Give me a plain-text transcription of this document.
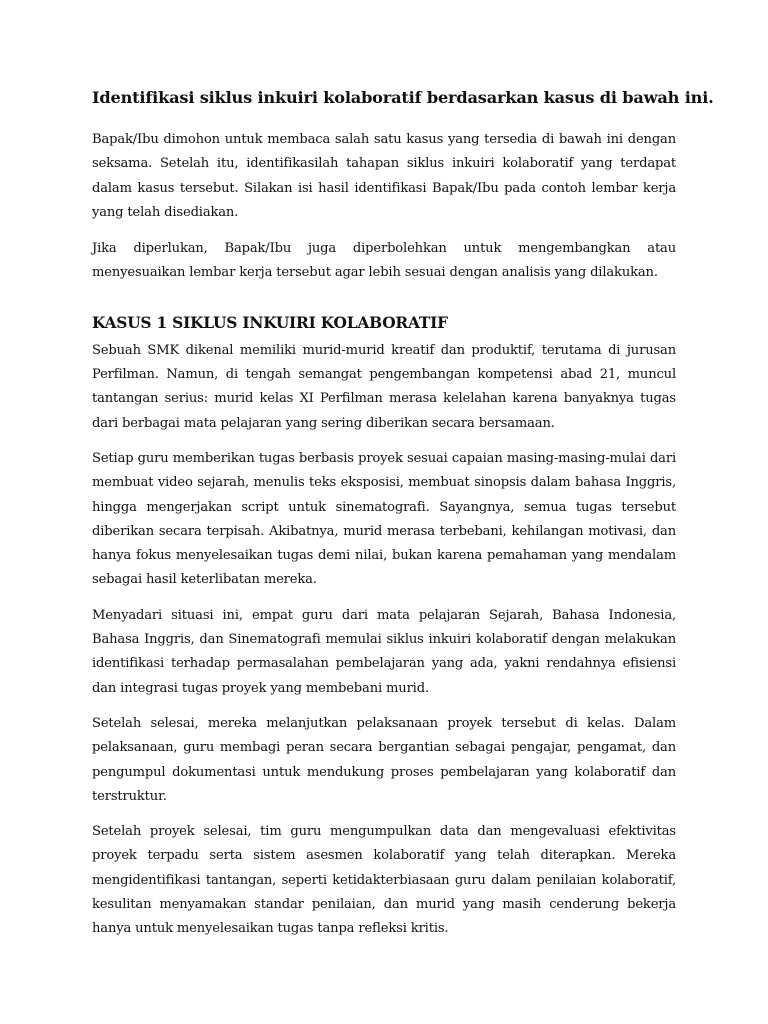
Identifikasi siklus inkuiri kolaboratif berdasarkan kasus di bawah ini.

Bapak/Ibu dimohon untuk membaca salah satu kasus yang tersedia di bawah ini dengan seksama. Setelah itu, identifikasilah tahapan siklus inkuiri kolaboratif yang terdapat dalam kasus tersebut. Silakan isi hasil identifikasi Bapak/Ibu pada contoh lembar kerja yang telah disediakan.

Jika diperlukan, Bapak/Ibu juga diperbolehkan untuk mengembangkan atau menyesuaikan lembar kerja tersebut agar lebih sesuai dengan analisis yang dilakukan.

KASUS 1 SIKLUS INKUIRI KOLABORATIF

Sebuah SMK dikenal memiliki murid-murid kreatif dan produktif, terutama di jurusan Perfilman. Namun, di tengah semangat pengembangan kompetensi abad 21, muncul tantangan serius: murid kelas XI Perfilman merasa kelelahan karena banyaknya tugas dari berbagai mata pelajaran yang sering diberikan secara bersamaan.

Setiap guru memberikan tugas berbasis proyek sesuai capaian masing-masing-mulai dari membuat video sejarah, menulis teks eksposisi, membuat sinopsis dalam bahasa Inggris, hingga mengerjakan script untuk sinematografi. Sayangnya, semua tugas tersebut diberikan secara terpisah. Akibatnya, murid merasa terbebani, kehilangan motivasi, dan hanya fokus menyelesaikan tugas demi nilai, bukan karena pemahaman yang mendalam sebagai hasil keterlibatan mereka.

Menyadari situasi ini, empat guru dari mata pelajaran Sejarah, Bahasa Indonesia, Bahasa Inggris, dan Sinematografi memulai siklus inkuiri kolaboratif dengan melakukan identifikasi terhadap permasalahan pembelajaran yang ada, yakni rendahnya efisiensi dan integrasi tugas proyek yang membebani murid.

Setelah selesai, mereka melanjutkan pelaksanaan proyek tersebut di kelas. Dalam pelaksanaan, guru membagi peran secara bergantian sebagai pengajar, pengamat, dan pengumpul dokumentasi untuk mendukung proses pembelajaran yang kolaboratif dan terstruktur.

Setelah proyek selesai, tim guru mengumpulkan data dan mengevaluasi efektivitas proyek terpadu serta sistem asesmen kolaboratif yang telah diterapkan. Mereka mengidentifikasi tantangan, seperti ketidakterbiasaan guru dalam penilaian kolaboratif, kesulitan menyamakan standar penilaian, dan murid yang masih cenderung bekerja hanya untuk menyelesaikan tugas tanpa refleksi kritis.
